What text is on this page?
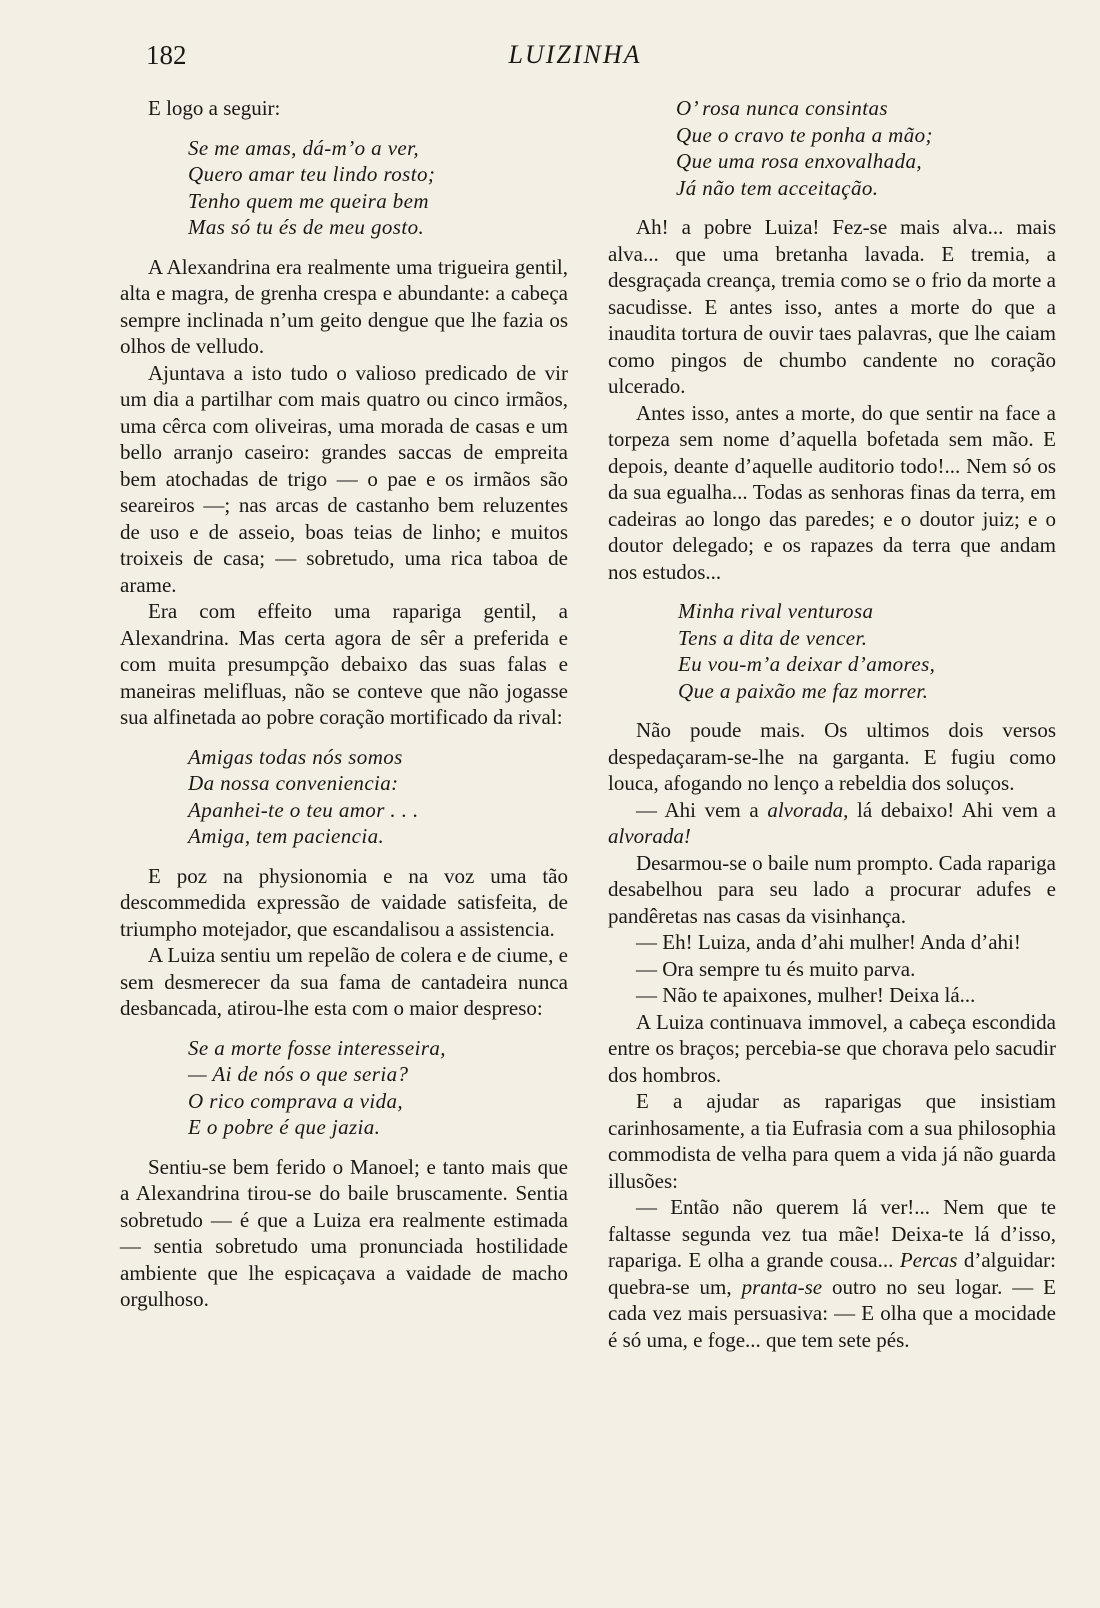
182	LUIZINHA

E logo a seguir:

Se me amas, dá-m’o a ver,
Quero amar teu lindo rosto;
Tenho quem me queira bem
Mas só tu és de meu gosto.

A Alexandrina era realmente uma trigueira gentil, alta e magra, de grenha crespa e abundante: a cabeça sempre inclinada n’um geito dengue que lhe fazia os olhos de velludo.

Ajuntava a isto tudo o valioso predicado de vir um dia a partilhar com mais quatro ou cinco irmãos, uma cêrca com oliveiras, uma morada de casas e um bello arranjo caseiro: grandes saccas de empreita bem atochadas de trigo — o pae e os irmãos são seareiros —; nas arcas de castanho bem reluzentes de uso e de asseio, boas teias de linho; e muitos troixeis de casa; — sobretudo, uma rica taboa de arame.

Era com effeito uma rapariga gentil, a Alexandrina. Mas certa agora de sêr a preferida e com muita presumpção debaixo das suas falas e maneiras melifluas, não se conteve que não jogasse sua alfinetada ao pobre coração mortificado da rival:

Amigas todas nós somos
Da nossa conveniencia:
Apanhei-te o teu amor . . .
Amiga, tem paciencia.

E poz na physionomia e na voz uma tão descommedida expressão de vaidade satisfeita, de triumpho motejador, que escandalisou a assistencia.

A Luiza sentiu um repelão de colera e de ciume, e sem desmerecer da sua fama de cantadeira nunca desbancada, atirou-lhe esta com o maior despreso:

Se a morte fosse interesseira,
— Ai de nós o que seria?
O rico comprava a vida,
E o pobre é que jazia.

Sentiu-se bem ferido o Manoel; e tanto mais que a Alexandrina tirou-se do baile bruscamente. Sentia sobretudo — é que a Luiza era realmente estimada — sentia sobretudo uma pronunciada hostilidade ambiente que lhe espicaçava a vaidade de macho orgulhoso.

O’ rosa nunca consintas
Que o cravo te ponha a mão;
Que uma rosa enxovalhada,
Já não tem acceitação.

Ah! a pobre Luiza! Fez-se mais alva... mais alva... que uma bretanha lavada. E tremia, a desgraçada creança, tremia como se o frio da morte a sacudisse. E antes isso, antes a morte do que a inaudita tortura de ouvir taes palavras, que lhe caiam como pingos de chumbo candente no coração ulcerado.

Antes isso, antes a morte, do que sentir na face a torpeza sem nome d’aquella bofetada sem mão. E depois, deante d’aquelle auditorio todo!... Nem só os da sua egualha... Todas as senhoras finas da terra, em cadeiras ao longo das paredes; e o doutor juiz; e o doutor delegado; e os rapazes da terra que andam nos estudos...

Minha rival venturosa
Tens a dita de vencer.
Eu vou-m’a deixar d’amores,
Que a paixão me faz morrer.

Não poude mais. Os ultimos dois versos despedaçaram-se-lhe na garganta. E fugiu como louca, afogando no lenço a rebeldia dos soluços.

— Ahi vem a alvorada, lá debaixo! Ahi vem a alvorada!

Desarmou-se o baile num prompto. Cada rapariga desabelhou para seu lado a procurar adufes e pandêretas nas casas da visinhança.

— Eh! Luiza, anda d’ahi mulher! Anda d’ahi!

— Ora sempre tu és muito parva.

— Não te apaixones, mulher! Deixa lá...

A Luiza continuava immovel, a cabeça escondida entre os braços; percebia-se que chorava pelo sacudir dos hombros.

E a ajudar as raparigas que insistiam carinhosamente, a tia Eufrasia com a sua philosophia commodista de velha para quem a vida já não guarda illusões:

— Então não querem lá ver!... Nem que te faltasse segunda vez tua mãe! Deixa-te lá d’isso, rapariga. E olha a grande cousa... Percas d’alguidar: quebra-se um, pranta-se outro no seu logar. — E cada vez mais persuasiva: — E olha que a mocidade é só uma, e foge... que tem sete pés.
